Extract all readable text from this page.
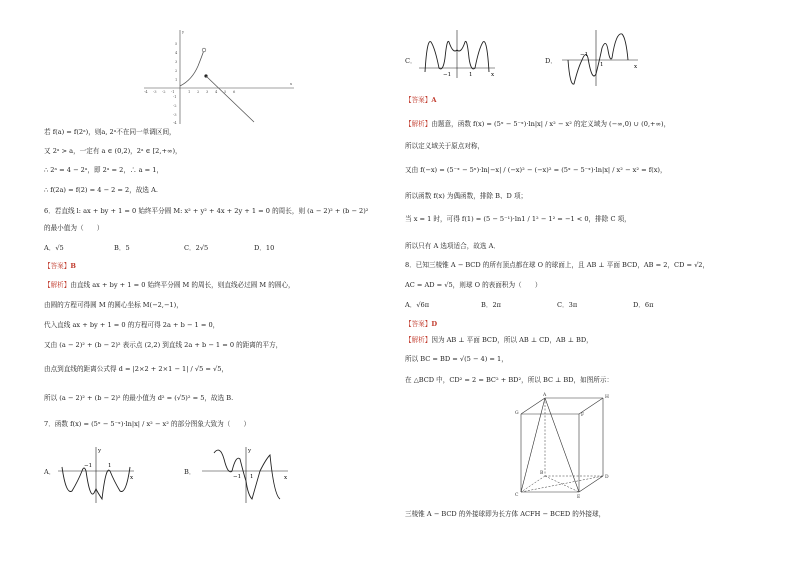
-4 -3 -2 -1	1 2 3 4 5 6
x
y
5
4
3
2
1
-1
-2
-3
-4
若 f(a) = f(2ᵃ)，则a, 2ᵃ不在同一单调区间，
又 2ᵃ > a，一定有 a ∈ (0,2)，2ᵃ ∈ [2,+∞)，
∴ 2ᵃ = 4 − 2ᵃ，即 2ᵃ = 2，∴ a = 1，
∴ f(2a) = f(2) = 4 − 2 = 2，故选 A.
6．若直线 l: ax + by + 1 = 0 始终平分圆 M: x² + y² + 4x + 2y + 1 = 0 的周长，则 (a − 2)² + (b − 2)²
的最小值为（　　）
A．√5	B．5	C．2√5	D．10
【答案】B
【解析】由直线 ax + by + 1 = 0 始终平分圆 M 的周长，则直线必过圆 M 的圆心，
由圆的方程可得圆 M 的圆心坐标 M(−2,−1)，
代入直线 ax + by + 1 = 0 的方程可得 2a + b − 1 = 0，
又由 (a − 2)² + (b − 2)² 表示点 (2,2) 到直线 2a + b − 1 = 0 的距离的平方，
由点到直线的距离公式得 d = |2×2 + 2×1 − 1| / √5 = √5，
所以 (a − 2)² + (b − 2)² 的最小值为 d² = (√5)² = 5，故选 B.
7．函数 f(x) = (5ˣ − 5⁻ˣ)·ln|x| / x² − x² 的部分图象大致为（　　）
A．
−1	1
y
x
B．
−1 1
y
x
C．
−1	1	x
D．
−1
1	x
【答案】A
【解析】由题意，函数 f(x) = (5ˣ − 5⁻ˣ)·ln|x| / x² − x² 的定义域为 (−∞,0) ∪ (0,+∞)，
所以定义域关于原点对称，
又由 f(−x) = (5⁻ˣ − 5ˣ)·ln|−x| / (−x)² − (−x)² = (5ˣ − 5⁻ˣ)·ln|x| / x² − x² = f(x)，
所以函数 f(x) 为偶函数，排除 B、D 项；
当 x = 1 时，可得 f(1) = (5 − 5⁻¹)·ln1 / 1² − 1² = −1 < 0，排除 C 项，
所以只有 A 选项适合，故选 A．
8．已知三棱锥 A − BCD 的所有顶点都在球 O 的球面上，且 AB ⊥ 平面 BCD，AB = 2，CD = √2，
AC = AD = √5，则球 O 的表面积为（　　）
A．√6π	B．2π	C．3π	D．6π
【答案】D
【解析】因为 AB ⊥ 平面 BCD，所以 AB ⊥ CD，AB ⊥ BD，
所以 BC = BD = √(5 − 4) = 1，
在 △BCD 中，CD² = 2 = BC² + BD²，所以 BC ⊥ BD，如图所示：
G
A	H
F
B
D
C	E
三棱锥 A − BCD 的外接球即为长方体 ACFH − BCED 的外接球，
